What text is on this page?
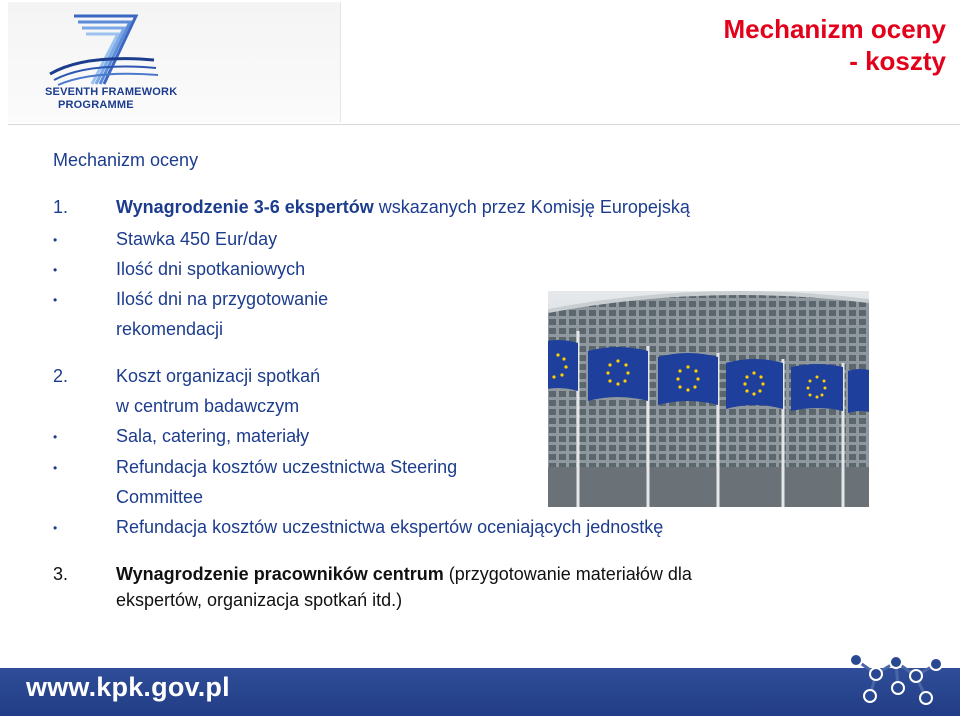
SEVENTH FRAMEWORK
PROGRAMME
Mechanizm oceny
- koszty
Mechanizm oceny
1.	Wynagrodzenie 3-6 ekspertów wskazanych przez Komisję Europejską
•	Stawka 450 Eur/day
•	Ilość dni spotkaniowych
•	Ilość dni na przygotowanie
rekomendacji
2.	Koszt organizacji spotkań
w centrum badawczym
•	Sala, catering, materiały
•	Refundacja kosztów uczestnictwa Steering
Committee
•	Refundacja kosztów uczestnictwa ekspertów oceniających jednostkę
3.	Wynagrodzenie pracowników centrum (przygotowanie materiałów dla
ekspertów, organizacja spotkań itd.)
www.kpk.gov.pl
